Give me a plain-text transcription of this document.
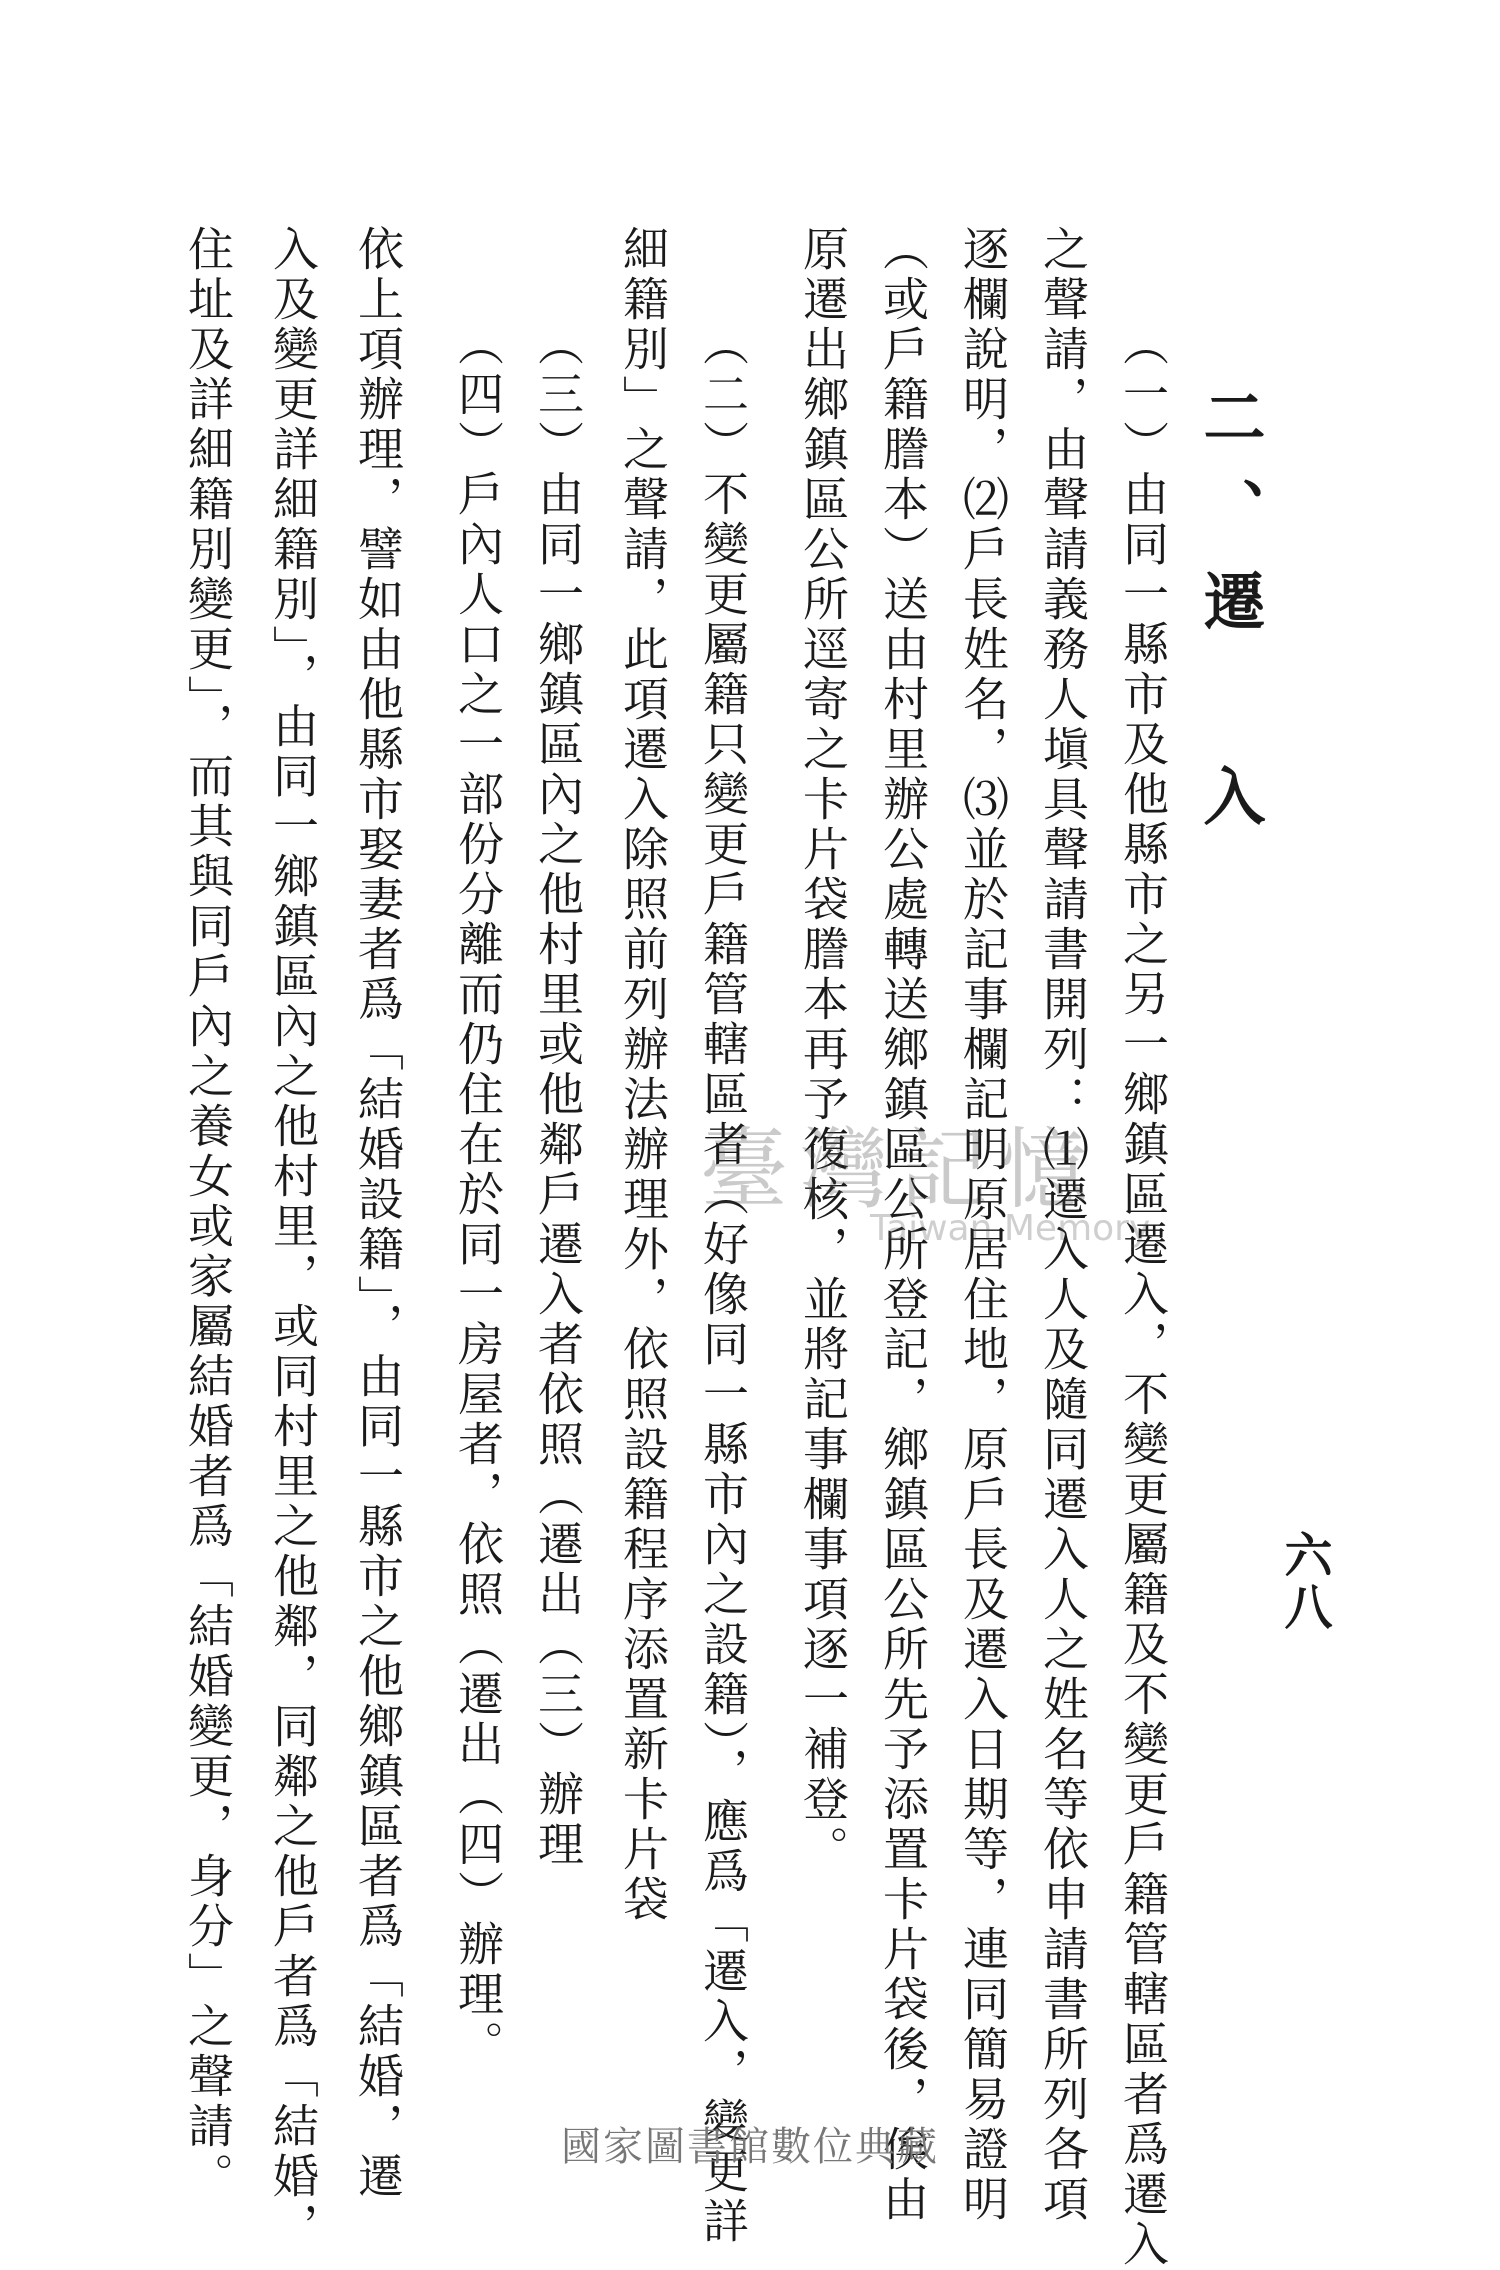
六八
二、遷 入
（一）由同一縣市及他縣市之另一鄉鎮區遷入，不變更屬籍及不變更戶籍管轄區者爲遷入
之聲請，由聲請義務人塡具聲請書開列：⑴遷入人及隨同遷入人之姓名等依申請書所列各項
逐欄說明，⑵戶長姓名，⑶並於記事欄記明原居住地，原戶長及遷入日期等，連同簡易證明
（或戶籍謄本）送由村里辦公處轉送鄉鎮區公所登記，鄉鎮區公所先予添置卡片袋後，俟由
原遷出鄉鎮區公所逕寄之卡片袋謄本再予復核，並將記事欄事項逐一補登。
（二）不變更屬籍只變更戶籍管轄區者（好像同一縣市內之設籍），應爲「遷入，變更詳
細籍別」之聲請，此項遷入除照前列辦法辦理外，依照設籍程序添置新卡片袋
（三）由同一鄉鎮區內之他村里或他鄰戶遷入者依照（遷出（三）辦理
（四）戶內人口之一部份分離而仍住在於同一房屋者，依照（遷出（四）辦理。
依上項辦理，譬如由他縣市娶妻者爲「結婚設籍」，由同一縣市之他鄉鎮區者爲「結婚，遷
入及變更詳細籍別」，由同一鄉鎮區內之他村里，或同村里之他鄰，同鄰之他戶者爲「結婚，
住址及詳細籍別變更」，而其與同戶內之養女或家屬結婚者爲「結婚變更，身分」之聲請。	臺灣記憶
Taiwan Memory
國家圖書館數位典藏
